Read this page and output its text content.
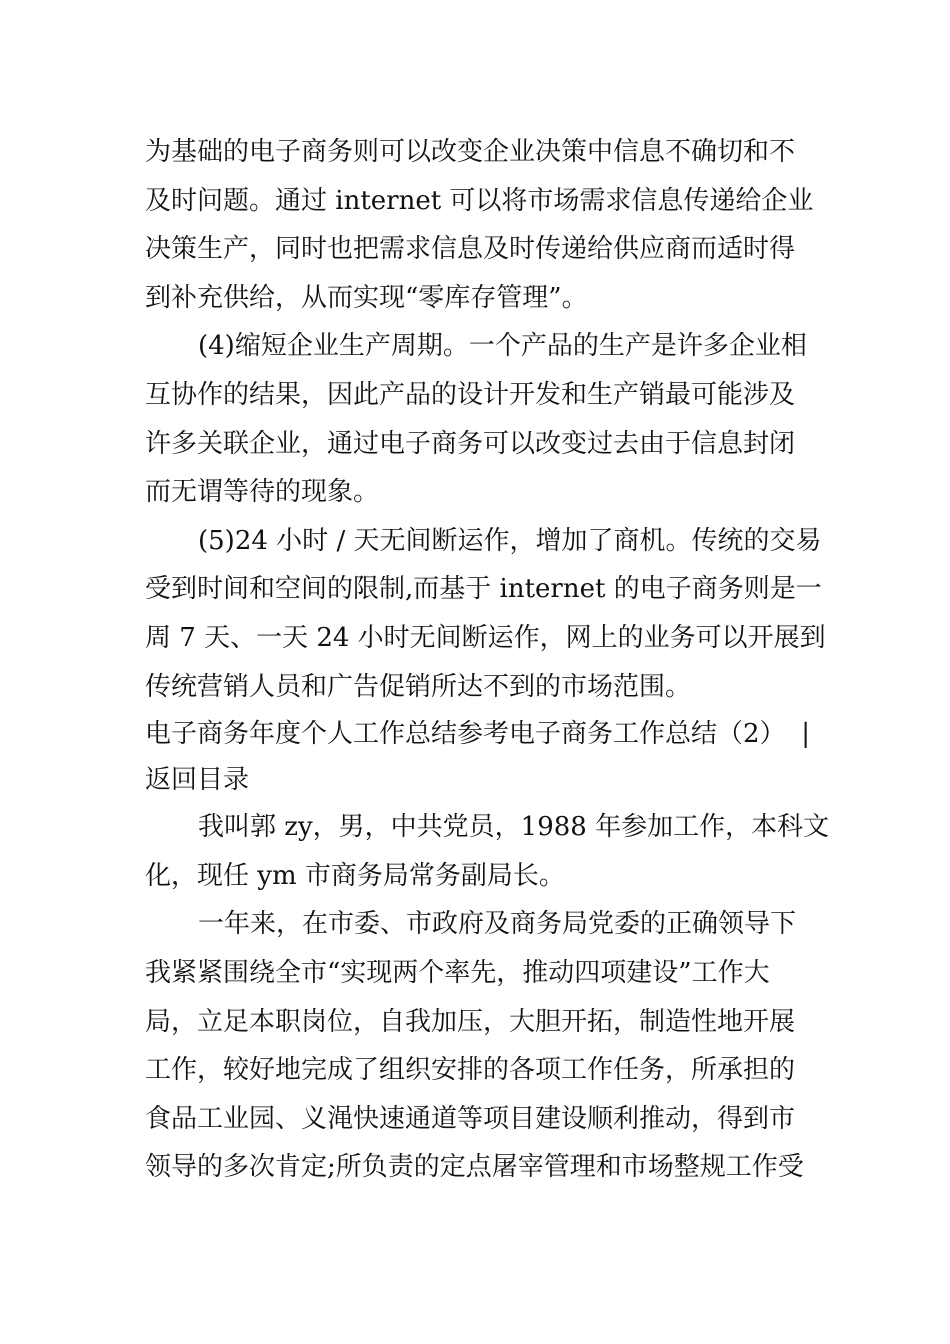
为基础的电子商务则可以改变企业决策中信息不确切和不
及时问题。通过 internet 可以将市场需求信息传递给企业
决策生产，同时也把需求信息及时传递给供应商而适时得
到补充供给，从而实现“零库存管理”。
(4)缩短企业生产周期。一个产品的生产是许多企业相
互协作的结果，因此产品的设计开发和生产销最可能涉及
许多关联企业，通过电子商务可以改变过去由于信息封闭
而无谓等待的现象。
(5)24 小时 / 天无间断运作，增加了商机。传统的交易
受到时间和空间的限制,而基于 internet 的电子商务则是一
周 7 天、一天 24 小时无间断运作，网上的业务可以开展到
传统营销人员和广告促销所达不到的市场范围。
电子商务年度个人工作总结参考电子商务工作总结（2） |
返回目录
我叫郭 zy，男，中共党员，1988 年参加工作，本科文
化，现任 ym 市商务局常务副局长。
一年来，在市委、市政府及商务局党委的正确领导下
我紧紧围绕全市“实现两个率先，推动四项建设”工作大
局，立足本职岗位，自我加压，大胆开拓，制造性地开展
工作，较好地完成了组织安排的各项工作任务，所承担的
食品工业园、义渑快速通道等项目建设顺利推动，得到市
领导的多次肯定;所负责的定点屠宰管理和市场整规工作受
